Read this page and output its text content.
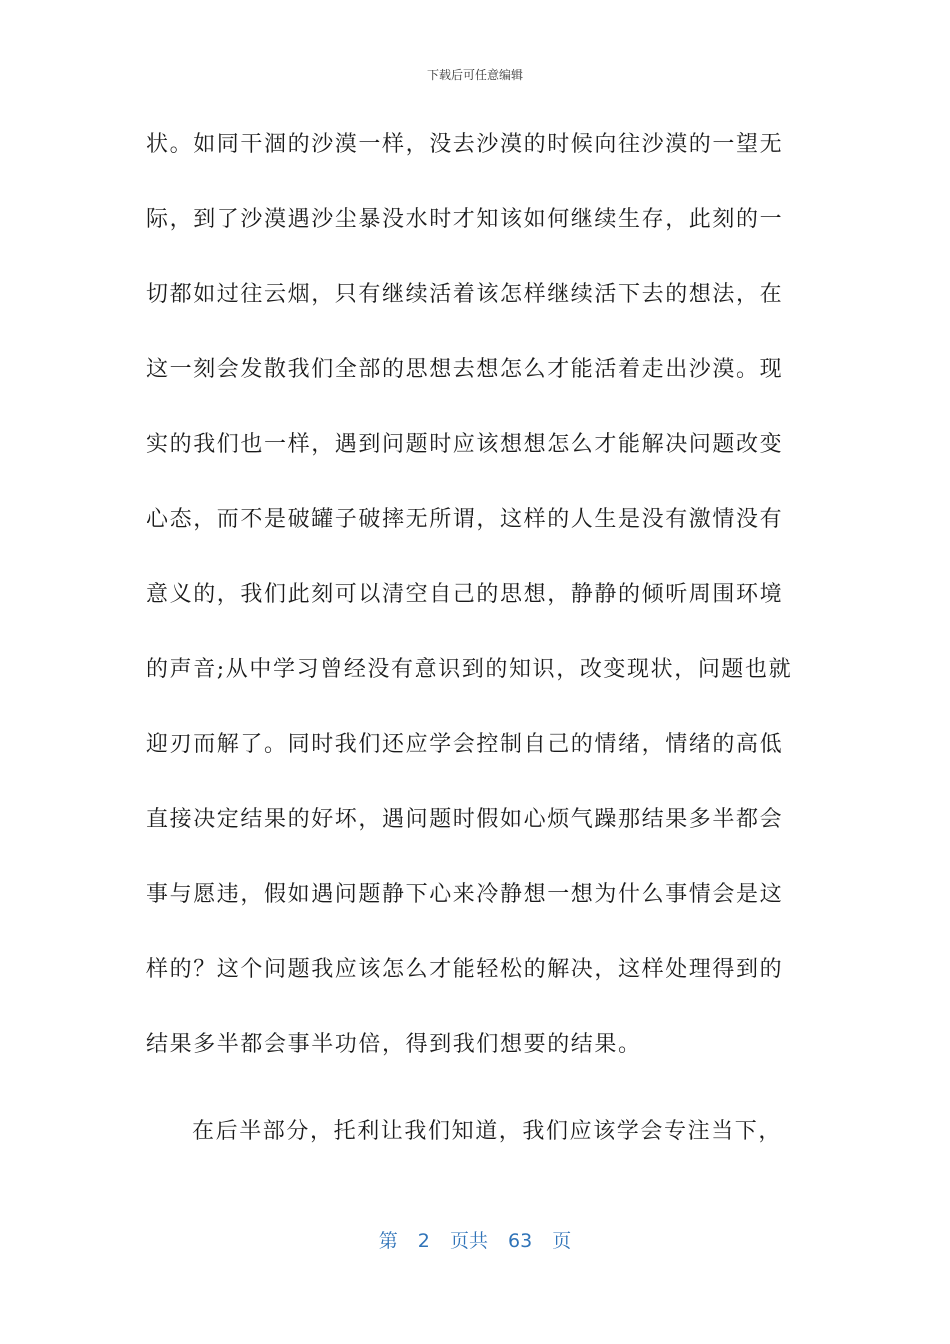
下载后可任意编辑
状。如同干涸的沙漠一样，没去沙漠的时候向往沙漠的一望无
际，到了沙漠遇沙尘暴没水时才知该如何继续生存，此刻的一
切都如过往云烟，只有继续活着该怎样继续活下去的想法，在
这一刻会发散我们全部的思想去想怎么才能活着走出沙漠。现
实的我们也一样，遇到问题时应该想想怎么才能解决问题改变
心态，而不是破罐子破摔无所谓，这样的人生是没有激情没有
意义的，我们此刻可以清空自己的思想，静静的倾听周围环境
的声音;从中学习曾经没有意识到的知识，改变现状，问题也就
迎刃而解了。同时我们还应学会控制自己的情绪，情绪的高低
直接决定结果的好坏，遇问题时假如心烦气躁那结果多半都会
事与愿违，假如遇问题静下心来冷静想一想为什么事情会是这
样的？这个问题我应该怎么才能轻松的解决，这样处理得到的
结果多半都会事半功倍，得到我们想要的结果。
在后半部分，托利让我们知道，我们应该学会专注当下，
第 2 页共 63 页
